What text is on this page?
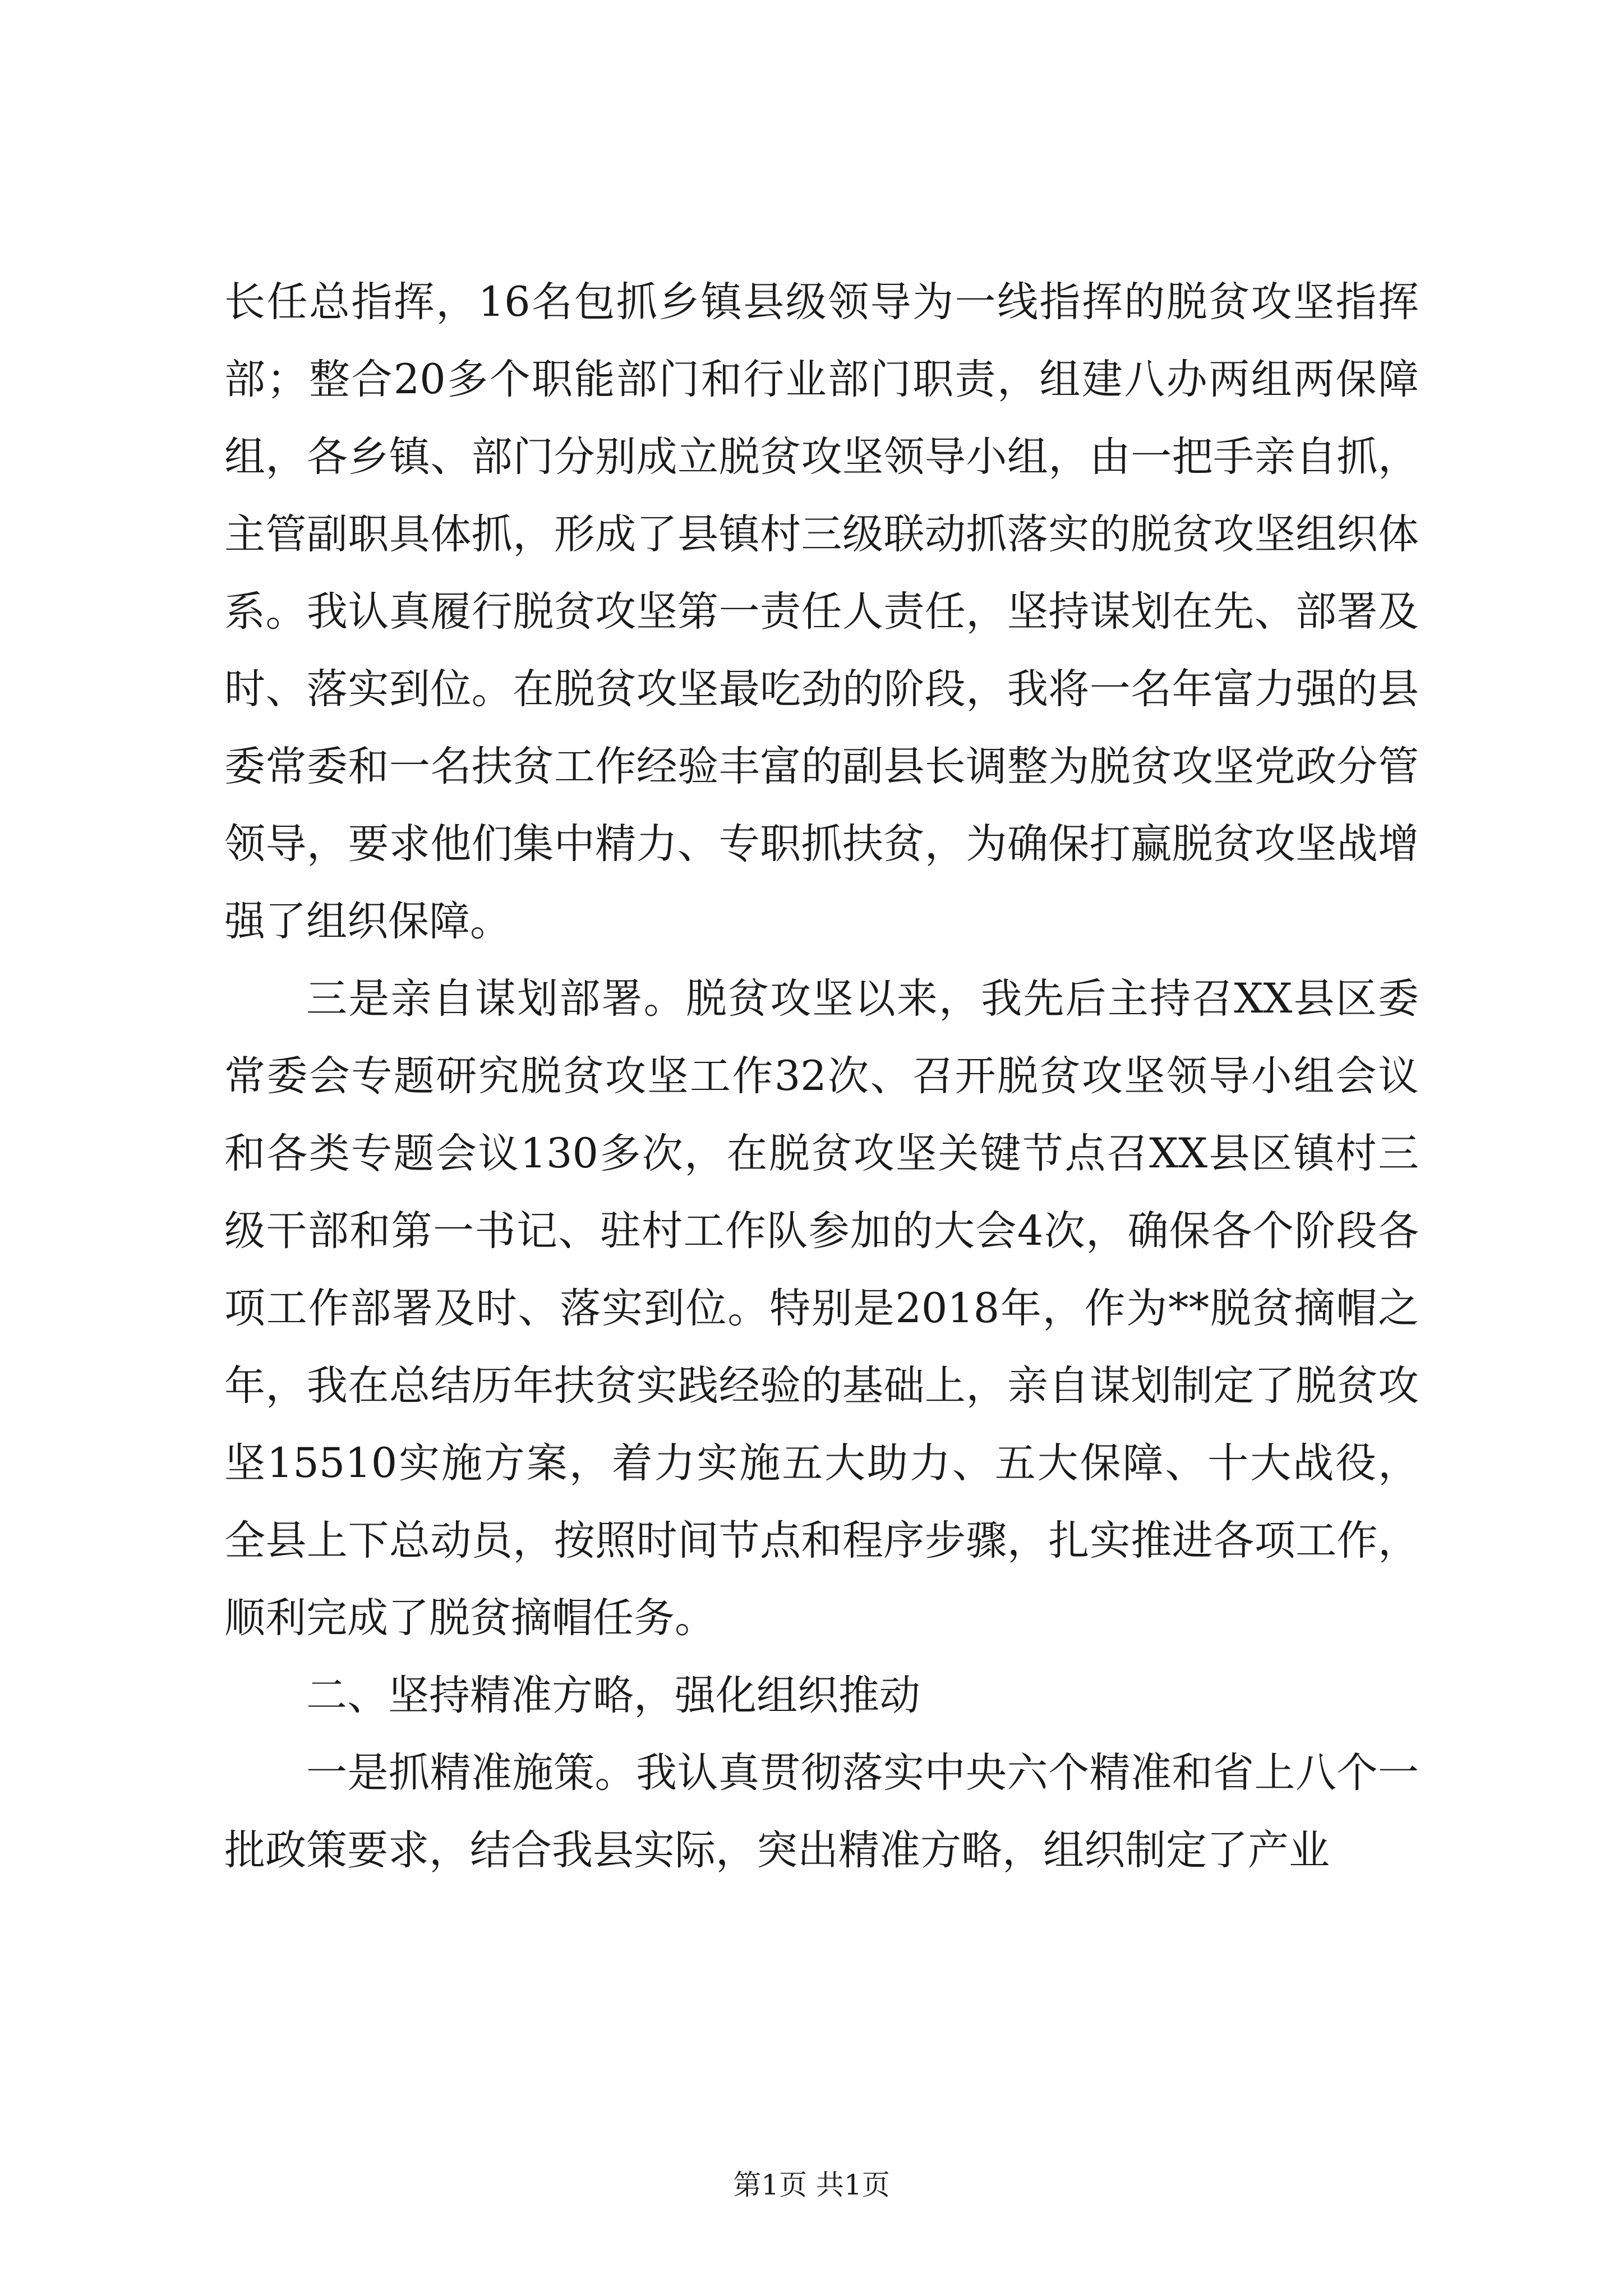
长任总指挥，16名包抓乡镇县级领导为一线指挥的脱贫攻坚指挥部；整合20多个职能部门和行业部门职责，组建八办两组两保障组，各乡镇、部门分别成立脱贫攻坚领导小组，由一把手亲自抓，主管副职具体抓，形成了县镇村三级联动抓落实的脱贫攻坚组织体系。我认真履行脱贫攻坚第一责任人责任，坚持谋划在先、部署及时、落实到位。在脱贫攻坚最吃劲的阶段，我将一名年富力强的县委常委和一名扶贫工作经验丰富的副县长调整为脱贫攻坚党政分管领导，要求他们集中精力、专职抓扶贫，为确保打赢脱贫攻坚战增强了组织保障。

三是亲自谋划部署。脱贫攻坚以来，我先后主持召XX县区委常委会专题研究脱贫攻坚工作32次、召开脱贫攻坚领导小组会议和各类专题会议130多次，在脱贫攻坚关键节点召XX县区镇村三级干部和第一书记、驻村工作队参加的大会4次，确保各个阶段各项工作部署及时、落实到位。特别是2018年，作为**脱贫摘帽之年，我在总结历年扶贫实践经验的基础上，亲自谋划制定了脱贫攻坚15510实施方案，着力实施五大助力、五大保障、十大战役，全县上下总动员，按照时间节点和程序步骤，扎实推进各项工作，顺利完成了脱贫摘帽任务。

二、坚持精准方略，强化组织推动

一是抓精准施策。我认真贯彻落实中央六个精准和省上八个一批政策要求，结合我县实际，突出精准方略，组织制定了产业

第1页 共1页
